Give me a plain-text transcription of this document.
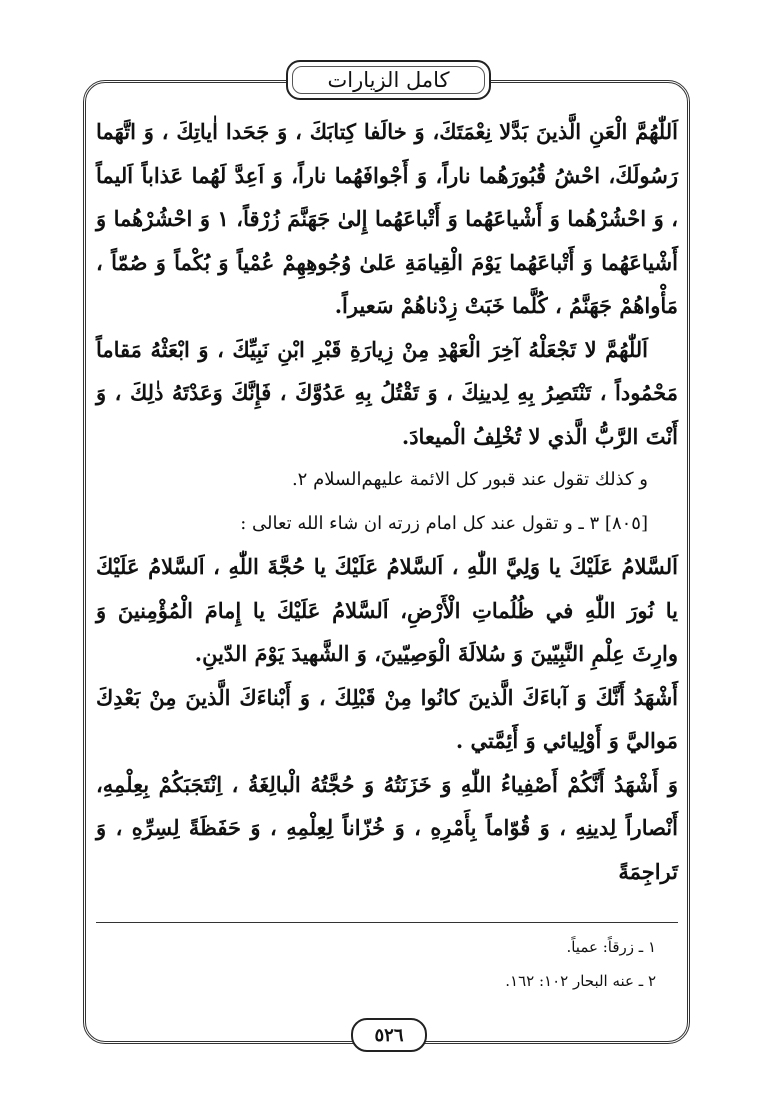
كامل الزيارات

اَللّٰهُمَّ الْعَنِ الَّذينَ بَدَّلا نِعْمَتَكَ، وَ خالَفا كِتابَكَ ، وَ جَحَدا اٰياتِكَ ، وَ اتَّهَما رَسُولَكَ، احْشُ قُبُورَهُما ناراً، وَ أَجْوافَهُما ناراً، وَ اَعِدَّ لَهُما عَذاباً اَليماً ، وَ احْشُرْهُما وَ أَشْياعَهُما وَ أَتْباعَهُما إِلىٰ جَهَنَّمَ زُرْقاً، ١ وَ احْشُرْهُما وَ أَشْياعَهُما وَ أَتْباعَهُما يَوْمَ الْقِيامَةِ عَلىٰ وُجُوهِهِمْ عُمْياً وَ بُكْماً وَ صُمّاً ، مَأْواهُمْ جَهَنَّمُ ، كُلَّما خَبَتْ زِدْناهُمْ سَعيراً.

اَللّٰهُمَّ لا تَجْعَلْهُ آخِرَ الْعَهْدِ مِنْ زِيارَةِ قَبْرِ ابْنِ نَبِيِّكَ ، وَ ابْعَثْهُ مَقاماً مَحْمُوداً ، تَنْتَصِرُ بِهِ لِدينِكَ ، وَ تَقْتُلُ بِهِ عَدُوَّكَ ، فَإِنَّكَ وَعَدْتَهُ ذٰلِكَ ، وَ أَنْتَ الرَّبُّ الَّذي لا تُخْلِفُ الْميعادَ.

و كذلك تقول عند قبور كل الائمة عليهم‌السلام ٢.

[٨٠٥] ٣ ـ و تقول عند كل امام زرته ان شاء الله تعالى :

اَلسَّلامُ عَلَيْكَ يا وَلِيَّ اللّٰهِ ، اَلسَّلامُ عَلَيْكَ يا حُجَّةَ اللّٰهِ ، اَلسَّلامُ عَلَيْكَ يا نُورَ اللّٰهِ في ظُلُماتِ الْأَرْضِ، اَلسَّلامُ عَلَيْكَ يا إِمامَ الْمُؤْمِنينَ وَ وارِثَ عِلْمِ النَّبِيّينَ وَ سُلالَةَ الْوَصِيّينَ، وَ الشَّهيدَ يَوْمَ الدّينِ.

أَشْهَدُ أَنَّكَ وَ آباءَكَ الَّذينَ كانُوا مِنْ قَبْلِكَ ، وَ أَبْناءَكَ الَّذينَ مِنْ بَعْدِكَ مَواليَّ وَ أَوْلِيائي وَ أَئِمَّتي .

وَ أَشْهَدُ أَنَّكُمْ أَصْفِياءُ اللّٰهِ وَ خَزَنَتُهُ وَ حُجَّتُهُ الْبالِغَةُ ، اِنْتَجَبَكُمْ بِعِلْمِهِ، أَنْصاراً لِدينِهِ ، وَ قُوّاماً بِأَمْرِهِ ، وَ خُزّاناً لِعِلْمِهِ ، وَ حَفَظَةً لِسِرِّهِ ، وَ تَراجِمَةً

١ ـ زرقاً: عمياً.

٢ ـ عنه البحار ١٠٢: ١٦٢.

٥٢٦
